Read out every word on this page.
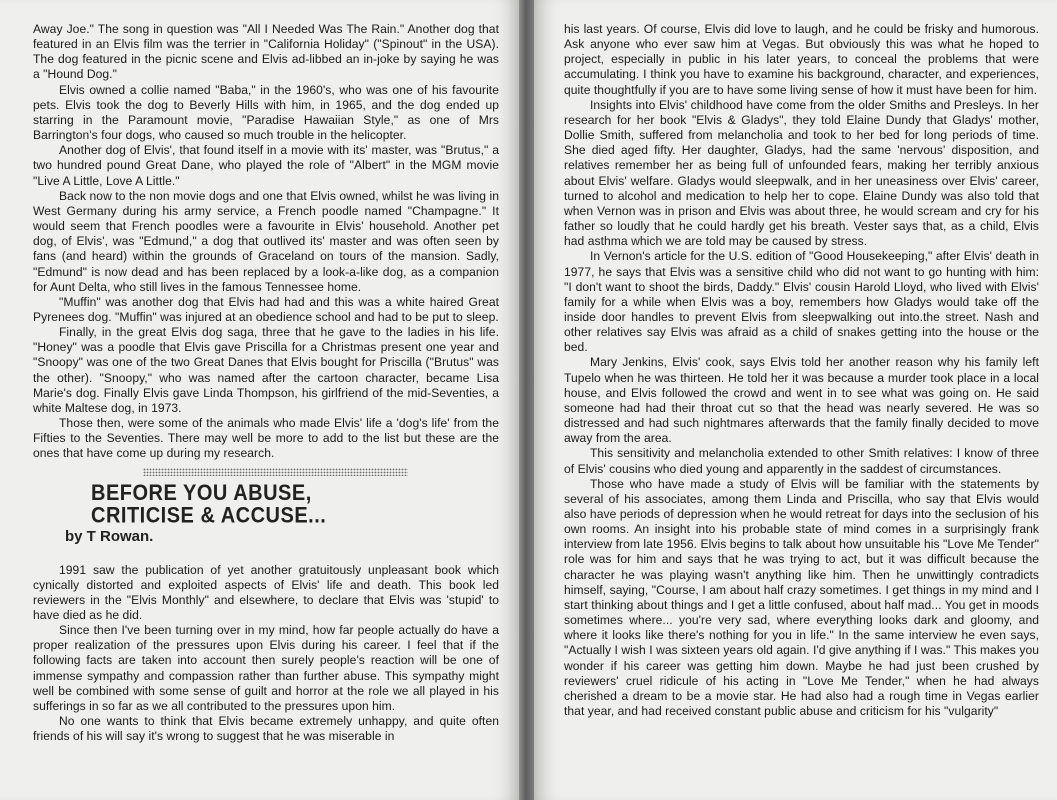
Away Joe." The song in question was "All I Needed Was The Rain." Another dog that featured in an Elvis film was the terrier in "California Holiday" ("Spinout" in the USA). The dog featured in the picnic scene and Elvis ad-libbed an in-joke by saying he was a "Hound Dog."

Elvis owned a collie named "Baba," in the 1960's, who was one of his favourite pets. Elvis took the dog to Beverly Hills with him, in 1965, and the dog ended up starring in the Paramount movie, "Paradise Hawaiian Style," as one of Mrs Barrington's four dogs, who caused so much trouble in the helicopter.

Another dog of Elvis', that found itself in a movie with its' master, was "Brutus," a two hundred pound Great Dane, who played the role of "Albert" in the MGM movie "Live A Little, Love A Little."

Back now to the non movie dogs and one that Elvis owned, whilst he was living in West Germany during his army service, a French poodle named "Champagne." It would seem that French poodles were a favourite in Elvis' household. Another pet dog, of Elvis', was "Edmund," a dog that outlived its' master and was often seen by fans (and heard) within the grounds of Graceland on tours of the mansion. Sadly, "Edmund" is now dead and has been replaced by a look-a-like dog, as a companion for Aunt Delta, who still lives in the famous Tennessee home.

"Muffin" was another dog that Elvis had had and this was a white haired Great Pyrenees dog. "Muffin" was injured at an obedience school and had to be put to sleep.

Finally, in the great Elvis dog saga, three that he gave to the ladies in his life. "Honey" was a poodle that Elvis gave Priscilla for a Christmas present one year and "Snoopy" was one of the two Great Danes that Elvis bought for Priscilla ("Brutus" was the other). "Snoopy," who was named after the cartoon character, became Lisa Marie's dog. Finally Elvis gave Linda Thompson, his girlfriend of the mid-Seventies, a white Maltese dog, in 1973.

Those then, were some of the animals who made Elvis' life a 'dog's life' from the Fifties to the Seventies. There may well be more to add to the list but these are the ones that have come up during my research.

BEFORE YOU ABUSE,
CRITICISE & ACCUSE...
by T Rowan.

1991 saw the publication of yet another gratuitously unpleasant book which cynically distorted and exploited aspects of Elvis' life and death. This book led reviewers in the "Elvis Monthly" and elsewhere, to declare that Elvis was 'stupid' to have died as he did.

Since then I've been turning over in my mind, how far people actually do have a proper realization of the pressures upon Elvis during his career. I feel that if the following facts are taken into account then surely people's reaction will be one of immense sympathy and compassion rather than further abuse. This sympathy might well be combined with some sense of guilt and horror at the role we all played in his sufferings in so far as we all contributed to the pressures upon him.

No one wants to think that Elvis became extremely unhappy, and quite often friends of his will say it's wrong to suggest that he was miserable in

his last years. Of course, Elvis did love to laugh, and he could be frisky and humorous. Ask anyone who ever saw him at Vegas. But obviously this was what he hoped to project, especially in public in his later years, to conceal the problems that were accumulating. I think you have to examine his background, character, and experiences, quite thoughtfully if you are to have some living sense of how it must have been for him.

Insights into Elvis' childhood have come from the older Smiths and Presleys. In her research for her book "Elvis & Gladys", they told Elaine Dundy that Gladys' mother, Dollie Smith, suffered from melancholia and took to her bed for long periods of time. She died aged fifty. Her daughter, Gladys, had the same 'nervous' disposition, and relatives remember her as being full of unfounded fears, making her terribly anxious about Elvis' welfare. Gladys would sleepwalk, and in her uneasiness over Elvis' career, turned to alcohol and medication to help her to cope. Elaine Dundy was also told that when Vernon was in prison and Elvis was about three, he would scream and cry for his father so loudly that he could hardly get his breath. Vester says that, as a child, Elvis had asthma which we are told may be caused by stress.

In Vernon's article for the U.S. edition of "Good Housekeeping," after Elvis' death in 1977, he says that Elvis was a sensitive child who did not want to go hunting with him: "I don't want to shoot the birds, Daddy." Elvis' cousin Harold Lloyd, who lived with Elvis' family for a while when Elvis was a boy, remembers how Gladys would take off the inside door handles to prevent Elvis from sleepwalking out into.the street. Nash and other relatives say Elvis was afraid as a child of snakes getting into the house or the bed.

Mary Jenkins, Elvis' cook, says Elvis told her another reason why his family left Tupelo when he was thirteen. He told her it was because a murder took place in a local house, and Elvis followed the crowd and went in to see what was going on. He said someone had had their throat cut so that the head was nearly severed. He was so distressed and had such nightmares afterwards that the family finally decided to move away from the area.

This sensitivity and melancholia extended to other Smith relatives: I know of three of Elvis' cousins who died young and apparently in the saddest of circumstances.

Those who have made a study of Elvis will be familiar with the statements by several of his associates, among them Linda and Priscilla, who say that Elvis would also have periods of depression when he would retreat for days into the seclusion of his own rooms. An insight into his probable state of mind comes in a surprisingly frank interview from late 1956. Elvis begins to talk about how unsuitable his "Love Me Tender" role was for him and says that he was trying to act, but it was difficult because the character he was playing wasn't anything like him. Then he unwittingly contradicts himself, saying, "Course, I am about half crazy sometimes. I get things in my mind and I start thinking about things and I get a little confused, about half mad... You get in moods sometimes where... you're very sad, where everything looks dark and gloomy, and where it looks like there's nothing for you in life." In the same interview he even says, "Actually I wish I was sixteen years old again. I'd give anything if I was." This makes you wonder if his career was getting him down. Maybe he had just been crushed by reviewers' cruel ridicule of his acting in "Love Me Tender," when he had always cherished a dream to be a movie star. He had also had a rough time in Vegas earlier that year, and had received constant public abuse and criticism for his "vulgarity"
